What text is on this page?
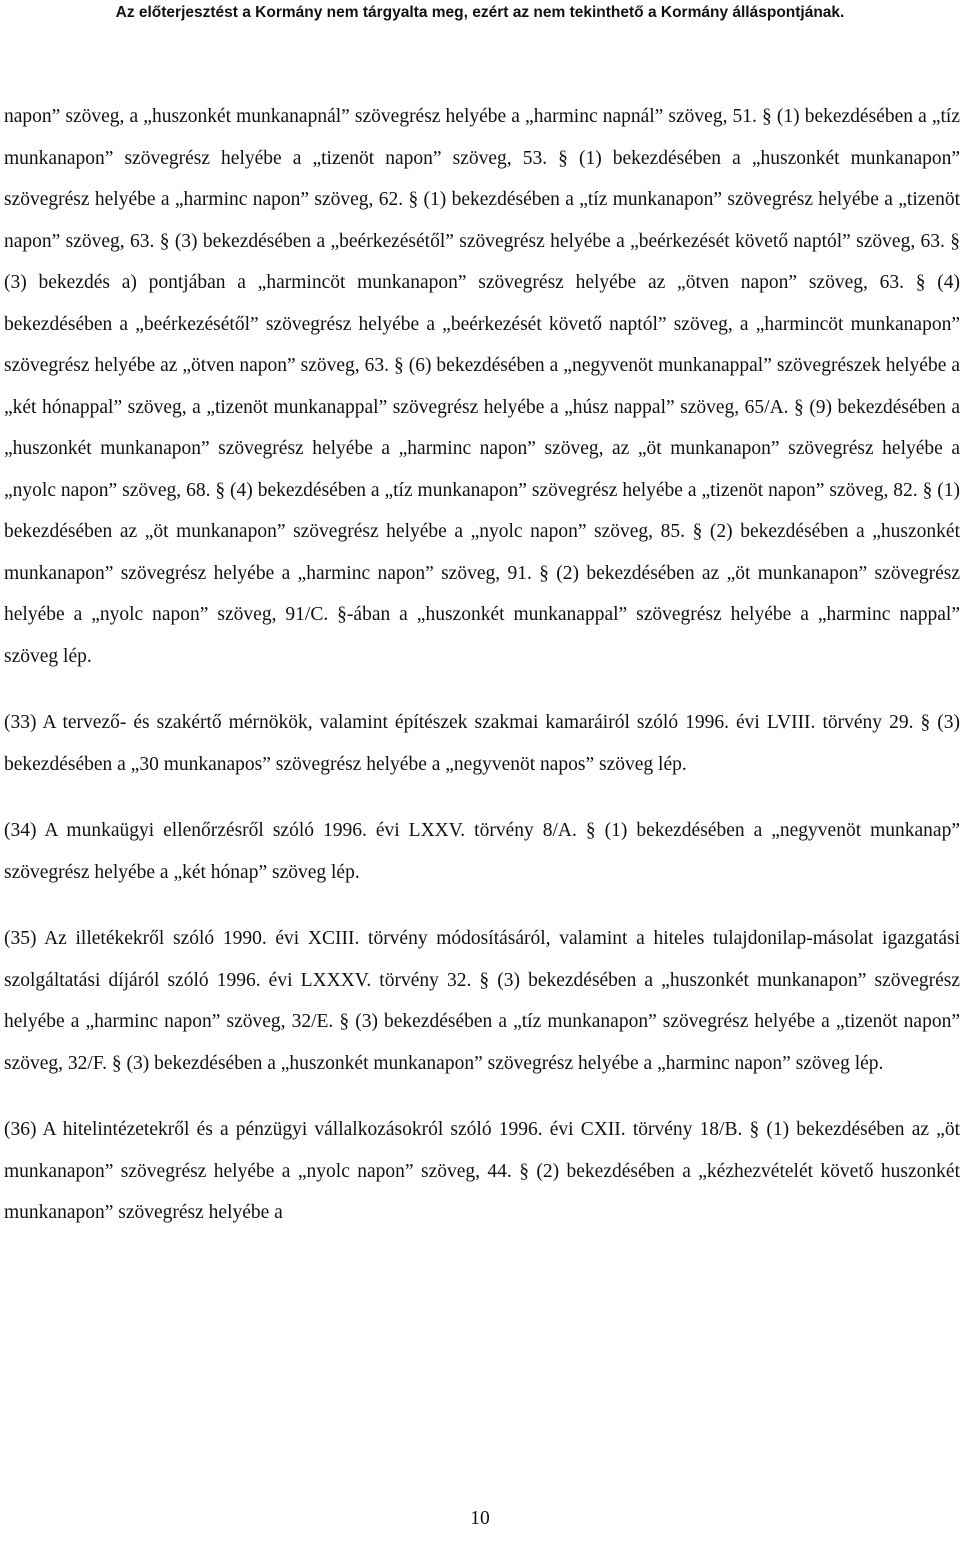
Az előterjesztést a Kormány nem tárgyalta meg, ezért az nem tekinthető a Kormány álláspontjának.

napon” szöveg, a „huszonkét munkanapnál” szövegrész helyébe a „harminc napnál” szöveg, 51. § (1) bekezdésében a „tíz munkanapon” szövegrész helyébe a „tizenöt napon” szöveg, 53. § (1) bekezdésében a „huszonkét munkanapon” szövegrész helyébe a „harminc napon” szöveg, 62. § (1) bekezdésében a „tíz munkanapon” szövegrész helyébe a „tizenöt napon” szöveg, 63. § (3) bekezdésében a „beérkezésétől” szövegrész helyébe a „beérkezését követő naptól” szöveg, 63. § (3) bekezdés a) pontjában a „harmincöt munkanapon” szövegrész helyébe az „ötven napon” szöveg, 63. § (4) bekezdésében a „beérkezésétől” szövegrész helyébe a „beérkezését követő naptól” szöveg, a „harmincöt munkanapon” szövegrész helyébe az „ötven napon” szöveg, 63. § (6) bekezdésében a „negyvenöt munkanappal” szövegrészek helyébe a „két hónappal” szöveg, a „tizenöt munkanappal” szövegrész helyébe a „húsz nappal” szöveg, 65/A. § (9) bekezdésében a „huszonkét munkanapon” szövegrész helyébe a „harminc napon” szöveg, az „öt munkanapon” szövegrész helyébe a „nyolc napon” szöveg, 68. § (4) bekezdésében a „tíz munkanapon” szövegrész helyébe a „tizenöt napon” szöveg, 82. § (1) bekezdésében az „öt munkanapon” szövegrész helyébe a „nyolc napon” szöveg, 85. § (2) bekezdésében a „huszonkét munkanapon” szövegrész helyébe a „harminc napon” szöveg, 91. § (2) bekezdésében az „öt munkanapon” szövegrész helyébe a „nyolc napon” szöveg, 91/C. §-ában a „huszonkét munkanappal” szövegrész helyébe a „harminc nappal” szöveg lép.

(33) A tervező- és szakértő mérnökök, valamint építészek szakmai kamaráiról szóló 1996. évi LVIII. törvény 29. § (3) bekezdésében a „30 munkanapos” szövegrész helyébe a „negyvenöt napos” szöveg lép.

(34) A munkaügyi ellenőrzésről szóló 1996. évi LXXV. törvény 8/A. § (1) bekezdésében a „negyvenöt munkanap” szövegrész helyébe a „két hónap” szöveg lép.

(35) Az illetékekről szóló 1990. évi XCIII. törvény módosításáról, valamint a hiteles tulajdonilap-másolat igazgatási szolgáltatási díjáról szóló 1996. évi LXXXV. törvény 32. § (3) bekezdésében a „huszonkét munkanapon” szövegrész helyébe a „harminc napon” szöveg, 32/E. § (3) bekezdésében a „tíz munkanapon” szövegrész helyébe a „tizenöt napon” szöveg, 32/F. § (3) bekezdésében a „huszonkét munkanapon” szövegrész helyébe a „harminc napon” szöveg lép.

(36) A hitelintézetekről és a pénzügyi vállalkozásokról szóló 1996. évi CXII. törvény 18/B. § (1) bekezdésében az „öt munkanapon” szövegrész helyébe a „nyolc napon” szöveg, 44. § (2) bekezdésében a „kézhezvételét követő huszonkét munkanapon” szövegrész helyébe a

10
